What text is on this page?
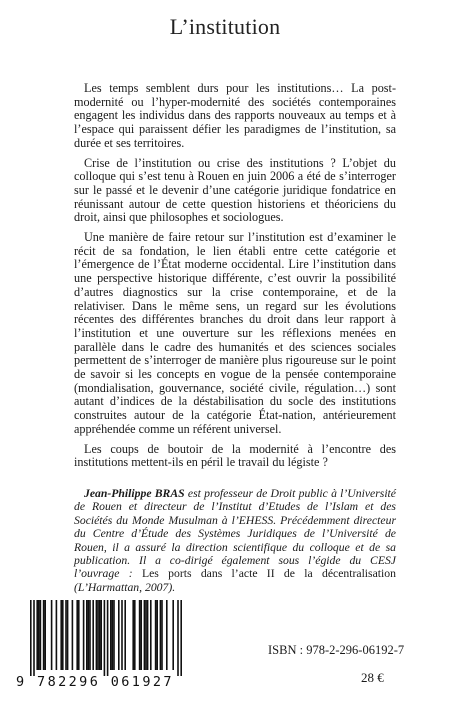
L’institution

Les temps semblent durs pour les institutions… La post-modernité ou l’hyper-modernité des sociétés contemporaines engagent les individus dans des rapports nouveaux au temps et à l’espace qui paraissent défier les paradigmes de l’institution, sa durée et ses territoires.

Crise de l’institution ou crise des institutions ? L’objet du colloque qui s’est tenu à Rouen en juin 2006 a été de s’interroger sur le passé et le devenir d’une catégorie juridique fondatrice en réunissant autour de cette question historiens et théoriciens du droit, ainsi que philosophes et sociologues.

Une manière de faire retour sur l’institution est d’examiner le récit de sa fondation, le lien établi entre cette catégorie et l’émergence de l’État moderne occidental. Lire l’institution dans une perspective historique différente, c’est ouvrir la possibilité d’autres diagnostics sur la crise contemporaine, et de la relativiser. Dans le même sens, un regard sur les évolutions récentes des différentes branches du droit dans leur rapport à l’institution et une ouverture sur les réflexions menées en parallèle dans le cadre des humanités et des sciences sociales permettent de s’interroger de manière plus rigoureuse sur le point de savoir si les concepts en vogue de la pensée contemporaine (mondialisation, gouvernance, société civile, régulation…) sont autant d’indices de la déstabilisation du socle des institutions construites autour de la catégorie État-nation, antérieurement appréhendée comme un référent universel.

Les coups de boutoir de la modernité à l’encontre des institutions mettent-ils en péril le travail du légiste ?

Jean-Philippe BRAS est professeur de Droit public à l’Université de Rouen et directeur de l’Institut d’Etudes de l’Islam et des Sociétés du Monde Musulman à l’EHESS. Précédemment directeur du Centre d’Étude des Systèmes Juridiques de l’Université de Rouen, il a assuré la direction scientifique du colloque et de sa publication. Il a co-dirigé également sous l’égide du CESJ l’ouvrage : Les ports dans l’acte II de la décentralisation (L’Harmattan, 2007).
9 782296 061927
ISBN : 978-2-296-06192-7
28 €
